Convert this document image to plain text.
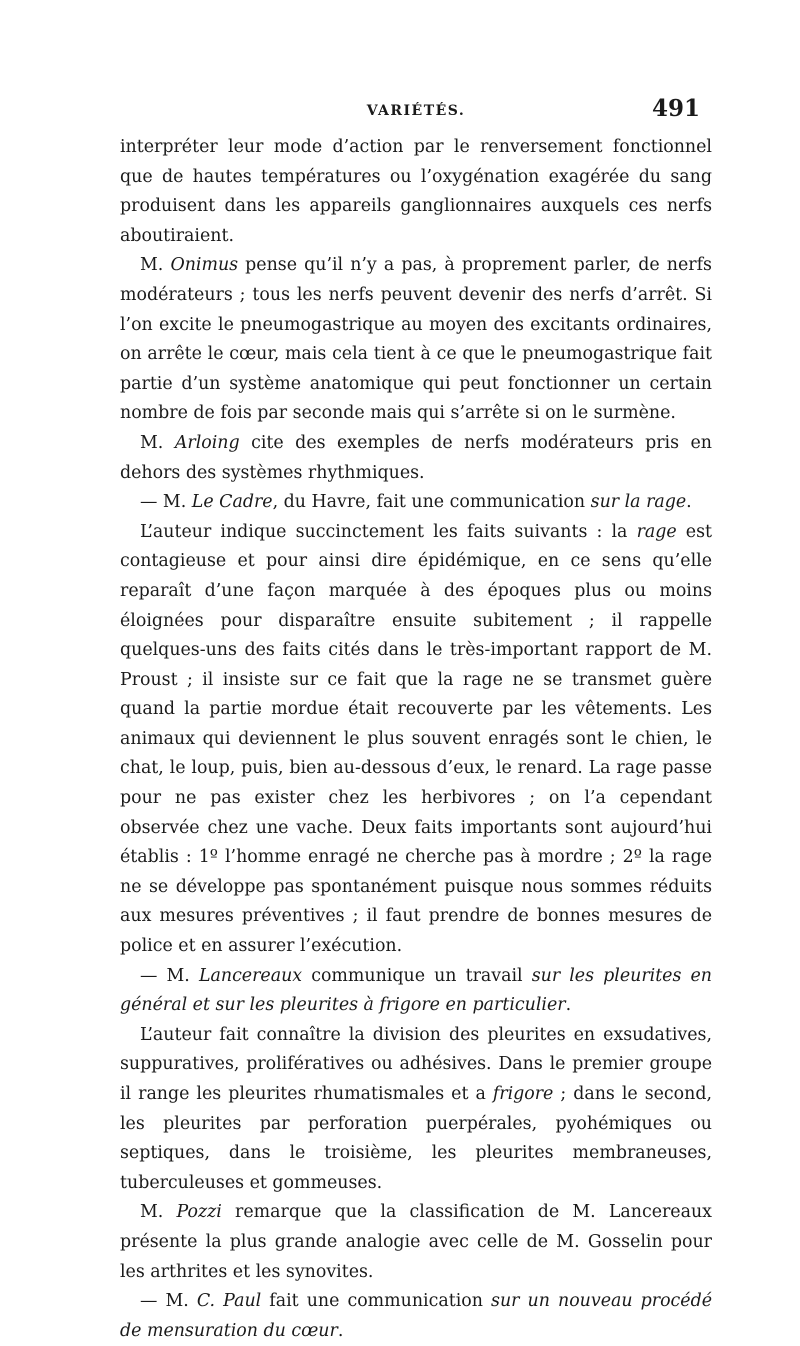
VARIÉTÉS.	491

interpréter leur mode d’action par le renversement fonctionnel que de hautes températures ou l’oxygénation exagérée du sang produisent dans les appareils ganglionnaires auxquels ces nerfs aboutiraient.

M. Onimus pense qu’il n’y a pas, à proprement parler, de nerfs modérateurs ; tous les nerfs peuvent devenir des nerfs d’arrêt. Si l’on excite le pneumogastrique au moyen des excitants ordinaires, on arrête le cœur, mais cela tient à ce que le pneumogastrique fait partie d’un système anatomique qui peut fonctionner un certain nombre de fois par seconde mais qui s’arrête si on le surmène.

M. Arloing cite des exemples de nerfs modérateurs pris en dehors des systèmes rhythmiques.

— M. Le Cadre, du Havre, fait une communication sur la rage.

L’auteur indique succinctement les faits suivants : la rage est contagieuse et pour ainsi dire épidémique, en ce sens qu’elle reparaît d’une façon marquée à des époques plus ou moins éloignées pour disparaître ensuite subitement ; il rappelle quelques-uns des faits cités dans le très-important rapport de M. Proust ; il insiste sur ce fait que la rage ne se transmet guère quand la partie mordue était recouverte par les vêtements. Les animaux qui deviennent le plus souvent enragés sont le chien, le chat, le loup, puis, bien au-dessous d’eux, le renard. La rage passe pour ne pas exister chez les herbivores ; on l’a cependant observée chez une vache. Deux faits importants sont aujourd’hui établis : 1º l’homme enragé ne cherche pas à mordre ; 2º la rage ne se développe pas spontanément puisque nous sommes réduits aux mesures préventives ; il faut prendre de bonnes mesures de police et en assurer l’exécution.

— M. Lancereaux communique un travail sur les pleurites en général et sur les pleurites à frigore en particulier.

L’auteur fait connaître la division des pleurites en exsudatives, suppuratives, prolifératives ou adhésives. Dans le premier groupe il range les pleurites rhumatismales et a frigore ; dans le second, les pleurites par perforation puerpérales, pyohémiques ou septiques, dans le troisième, les pleurites membraneuses, tuberculeuses et gommeuses.

M. Pozzi remarque que la classification de M. Lancereaux présente la plus grande analogie avec celle de M. Gosselin pour les arthrites et les synovites.

— M. C. Paul fait une communication sur un nouveau procédé de mensuration du cœur.
